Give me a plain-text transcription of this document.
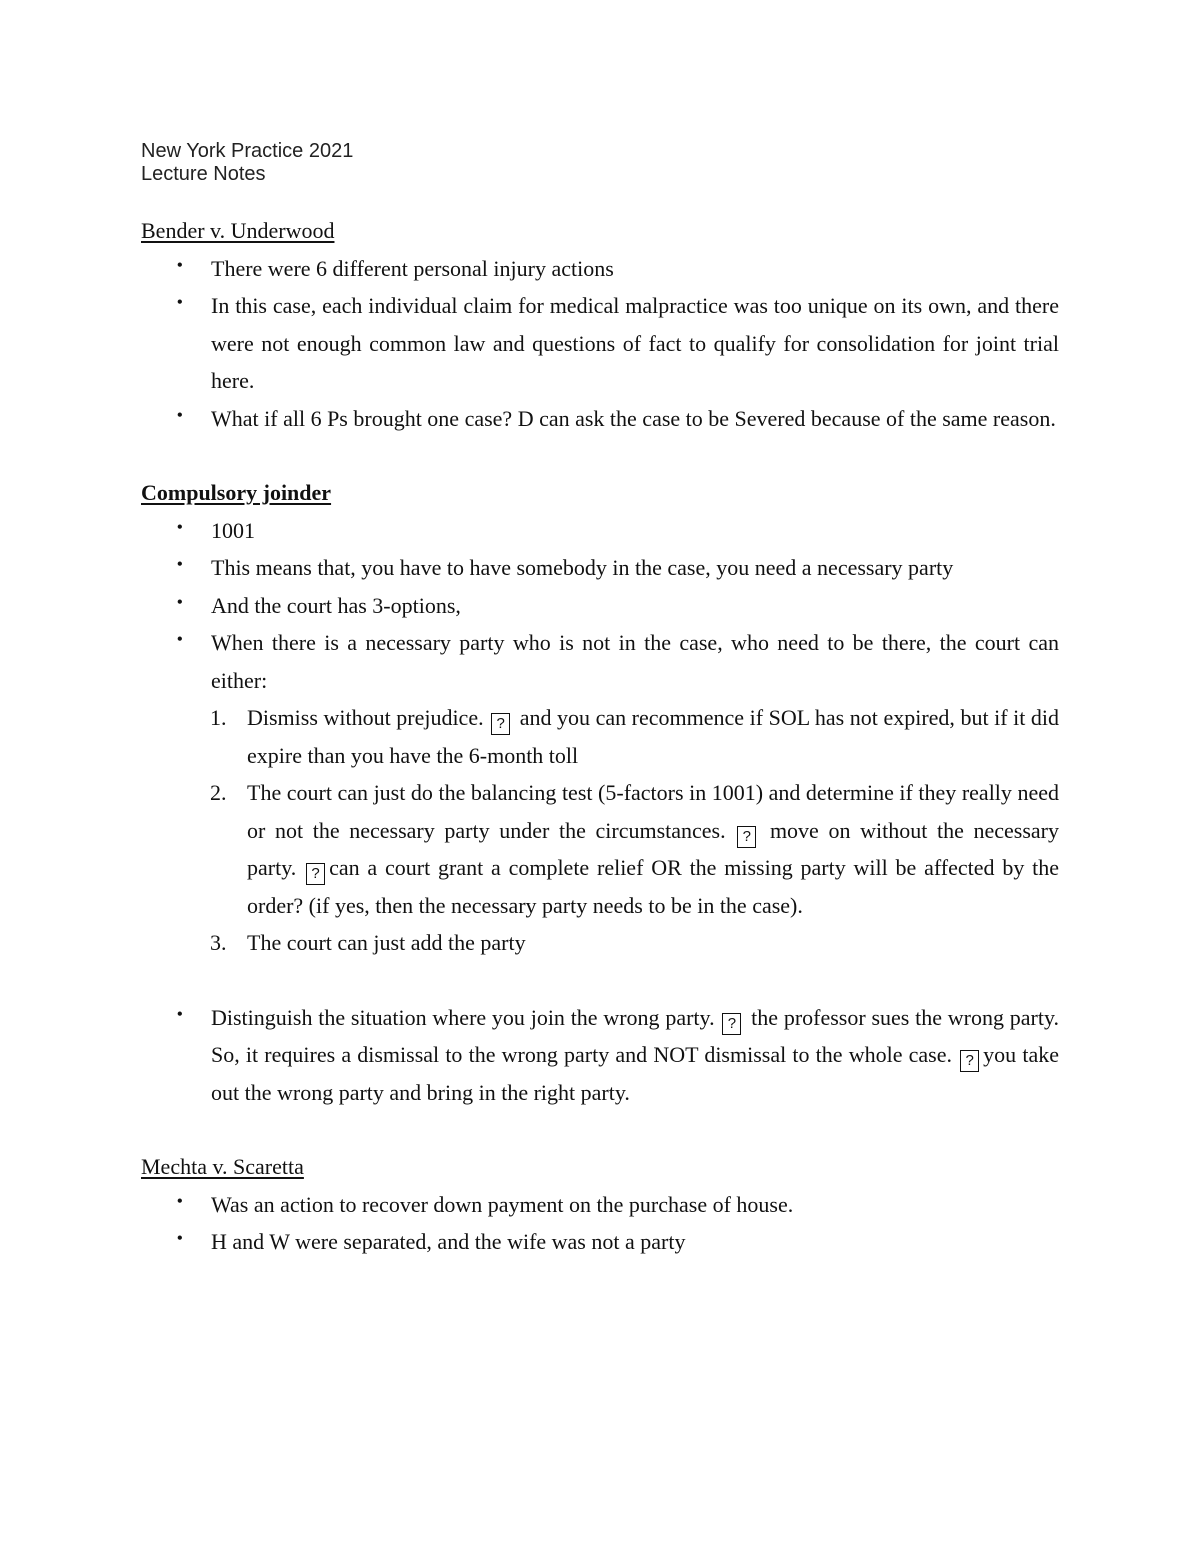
New York Practice 2021
Lecture Notes
Bender v. Underwood
• There were 6 different personal injury actions
• In this case, each individual claim for medical malpractice was too unique on its own, and there were not enough common law and questions of fact to qualify for consolidation for joint trial here.
• What if all 6 Ps brought one case? D can ask the case to be Severed because of the same reason.
Compulsory joinder
• 1001
• This means that, you have to have somebody in the case, you need a necessary party
• And the court has 3-options,
• When there is a necessary party who is not in the case, who need to be there, the court can either:
1. Dismiss without prejudice. ? and you can recommence if SOL has not expired, but if it did expire than you have the 6-month toll
2. The court can just do the balancing test (5-factors in 1001) and determine if they really need or not the necessary party under the circumstances. ? move on without the necessary party. ? can a court grant a complete relief OR the missing party will be affected by the order? (if yes, then the necessary party needs to be in the case).
3. The court can just add the party
• Distinguish the situation where you join the wrong party. ? the professor sues the wrong party. So, it requires a dismissal to the wrong party and NOT dismissal to the whole case. ? you take out the wrong party and bring in the right party.
Mechta v. Scaretta
• Was an action to recover down payment on the purchase of house.
• H and W were separated, and the wife was not a party
